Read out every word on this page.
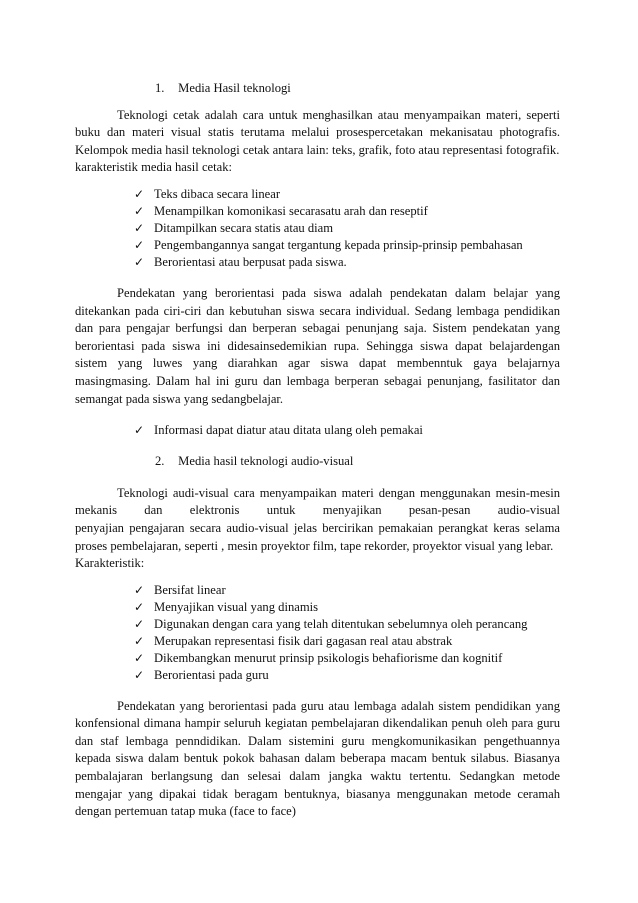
1. Media Hasil teknologi

Teknologi cetak adalah cara untuk menghasilkan atau menyampaikan materi, seperti buku dan materi visual statis terutama melalui prosespercetakan mekanisatau photografis. Kelompok media hasil teknologi cetak antara lain: teks, grafik, foto atau representasi fotografik.

karakteristik media hasil cetak:

✓ Teks dibaca secara linear
✓ Menampilkan komonikasi secarasatu arah dan reseptif
✓ Ditampilkan secara statis atau diam
✓ Pengembangannya sangat tergantung kepada prinsip-prinsip pembahasan
✓ Berorientasi atau berpusat pada siswa.

Pendekatan yang berorientasi pada siswa adalah pendekatan dalam belajar yang ditekankan pada ciri-ciri dan kebutuhan siswa secara individual. Sedang lembaga pendidikan dan para pengajar berfungsi dan berperan sebagai penunjang saja. Sistem pendekatan yang berorientasi pada siswa ini didesainsedemikian rupa. Sehingga siswa dapat belajardengan sistem yang luwes yang diarahkan agar siswa dapat membenntuk gaya belajarnya masingmasing. Dalam hal ini guru dan lembaga berperan sebagai penunjang, fasilitator dan semangat pada siswa yang sedangbelajar.

✓ Informasi dapat diatur atau ditata ulang oleh pemakai

2. Media hasil teknologi audio-visual

Teknologi audi-visual cara menyampaikan materi dengan menggunakan mesin-mesin
mekanis dan elektronis untuk menyajikan pesan-pesan audio-visual

penyajian pengajaran secara audio-visual jelas bercirikan pemakaian perangkat keras selama proses pembelajaran, seperti , mesin proyektor film, tape rekorder, proyektor visual yang lebar.

Karakteristik:

✓ Bersifat linear
✓ Menyajikan visual yang dinamis
✓ Digunakan dengan cara yang telah ditentukan sebelumnya oleh perancang
✓ Merupakan representasi fisik dari gagasan real atau abstrak
✓ Dikembangkan menurut prinsip psikologis behafiorisme dan kognitif
✓ Berorientasi pada guru

Pendekatan yang berorientasi pada guru atau lembaga adalah sistem pendidikan yang konfensional dimana hampir seluruh kegiatan pembelajaran dikendalikan penuh oleh para guru dan staf lembaga penndidikan. Dalam sistemini guru mengkomunikasikan pengethuannya kepada siswa dalam bentuk pokok bahasan dalam beberapa macam bentuk silabus. Biasanya pembalajaran berlangsung dan selesai dalam jangka waktu tertentu. Sedangkan metode mengajar yang dipakai tidak beragam bentuknya, biasanya menggunakan metode ceramah dengan pertemuan tatap muka (face to face)
